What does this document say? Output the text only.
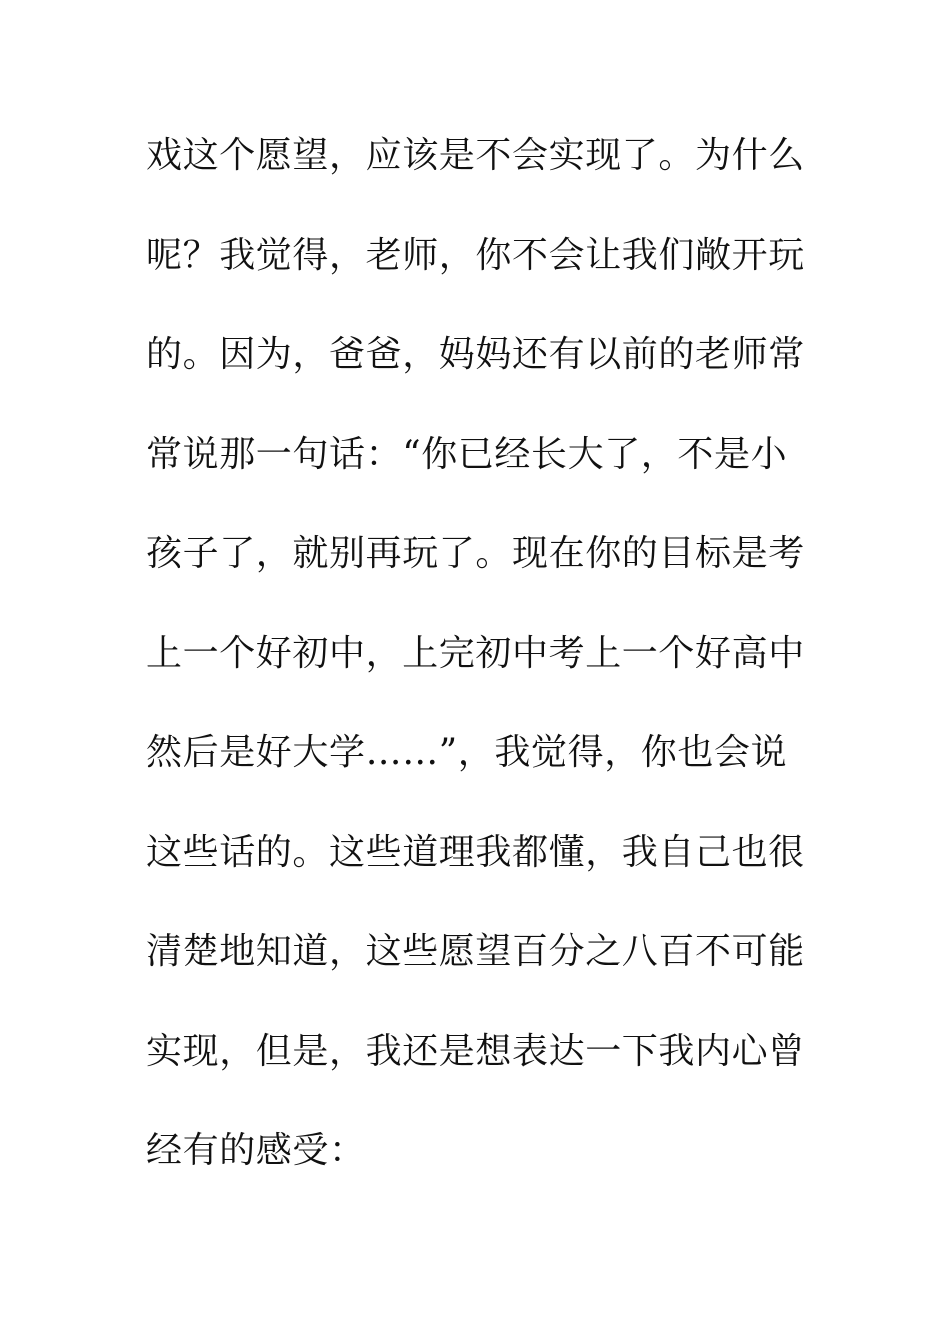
戏这个愿望，应该是不会实现了。为什么
呢？我觉得，老师，你不会让我们敞开玩
的。因为，爸爸，妈妈还有以前的老师常
常说那一句话：“你已经长大了，不是小
孩子了，就别再玩了。现在你的目标是考
上一个好初中，上完初中考上一个好高中
然后是好大学……”，我觉得，你也会说
这些话的。这些道理我都懂，我自己也很
清楚地知道，这些愿望百分之八百不可能
实现，但是，我还是想表达一下我内心曾
经有的感受：
